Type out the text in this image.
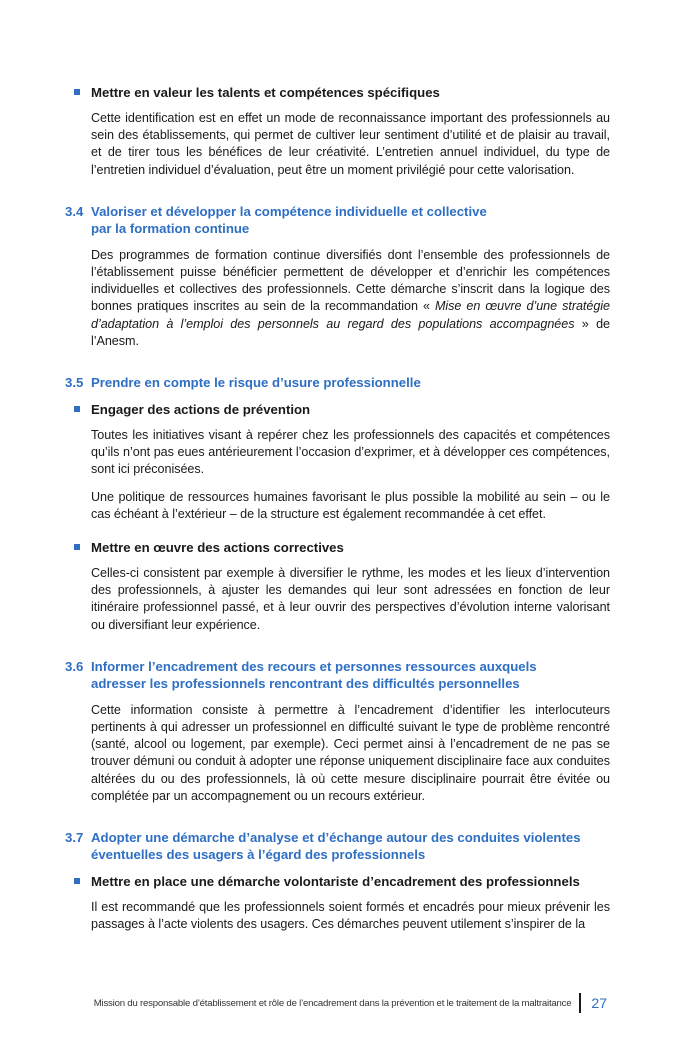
Mettre en valeur les talents et compétences spécifiques

Cette identification est en effet un mode de reconnaissance important des professionnels au sein des établissements, qui permet de cultiver leur sentiment d’utilité et de plaisir au travail, et de tirer tous les bénéfices de leur créativité. L’entretien annuel individuel, du type de l’entretien individuel d’évaluation, peut être un moment privilégié pour cette valorisation.

3.4 Valoriser et développer la compétence individuelle et collective
par la formation continue

Des programmes de formation continue diversifiés dont l’ensemble des professionnels de l’établissement puisse bénéficier permettent de développer et d’enrichir les compétences individuelles et collectives des professionnels. Cette démarche s’inscrit dans la logique des bonnes pratiques inscrites au sein de la recommandation « Mise en œuvre d’une stratégie d’adaptation à l’emploi des personnels au regard des populations accompagnées » de l’Anesm.

3.5 Prendre en compte le risque d’usure professionnelle
Engager des actions de prévention

Toutes les initiatives visant à repérer chez les professionnels des capacités et compétences qu’ils n’ont pas eues antérieurement l’occasion d’exprimer, et à développer ces compétences, sont ici préconisées.

Une politique de ressources humaines favorisant le plus possible la mobilité au sein – ou le cas échéant à l’extérieur – de la structure est également recommandée à cet effet.

Mettre en œuvre des actions correctives

Celles-ci consistent par exemple à diversifier le rythme, les modes et les lieux d’intervention des professionnels, à ajuster les demandes qui leur sont adressées en fonction de leur itinéraire professionnel passé, et à leur ouvrir des perspectives d’évolution interne valorisant ou diversifiant leur expérience.

3.6 Informer l’encadrement des recours et personnes ressources auxquels
adresser les professionnels rencontrant des difficultés personnelles

Cette information consiste à permettre à l’encadrement d’identifier les interlocuteurs pertinents à qui adresser un professionnel en difficulté suivant le type de problème rencontré (santé, alcool ou logement, par exemple). Ceci permet ainsi à l’encadrement de ne pas se trouver démuni ou conduit à adopter une réponse uniquement disciplinaire face aux conduites altérées du ou des professionnels, là où cette mesure disciplinaire pourrait être évitée ou complétée par un accompagnement ou un recours extérieur.

3.7 Adopter une démarche d’analyse et d’échange autour des conduites violentes
éventuelles des usagers à l’égard des professionnels
Mettre en place une démarche volontariste d’encadrement des professionnels

Il est recommandé que les professionnels soient formés et encadrés pour mieux prévenir les passages à l’acte violents des usagers. Ces démarches peuvent utilement s’inspirer de la

Mission du responsable d’établissement et rôle de l’encadrement dans la prévention et le traitement de la maltraitance 27
